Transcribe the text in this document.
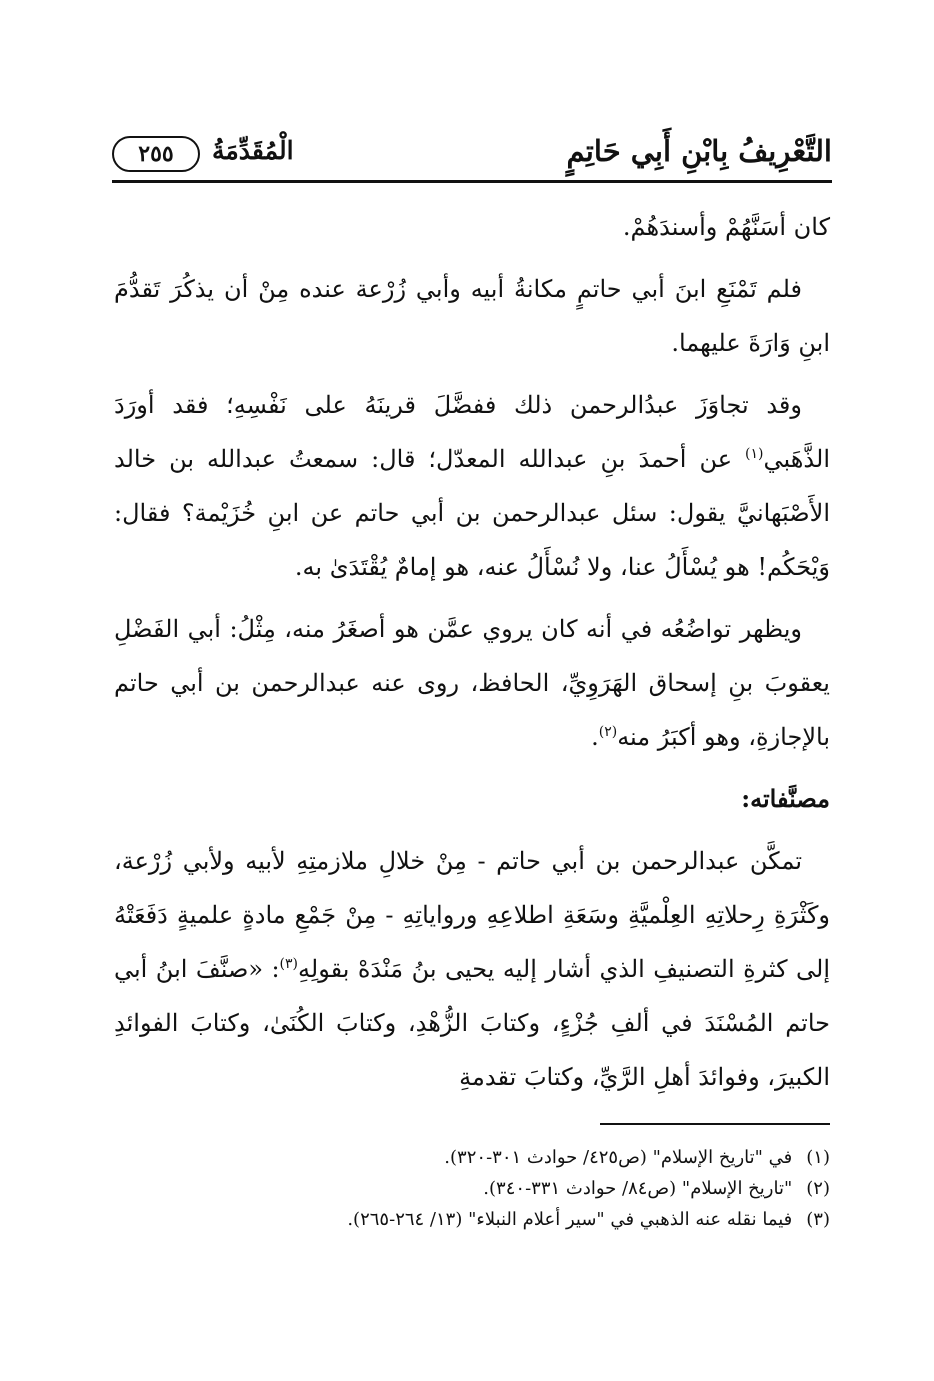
التَّعْرِيفُ بِابْنِ أَبِي حَاتِمٍ
الْمُقَدِّمَةُ
٢٥٥

كان أسَنَّهُمْ وأسندَهُمْ.

فلم تَمْنَعِ ابنَ أبي حاتمٍ مكانةُ أبيه وأبي زُرْعة عنده مِنْ أن يذكُرَ تَقدُّمَ ابنِ وَارَةَ عليهما.

وقد تجاوَزَ عبدُالرحمن ذلك ففضَّلَ قرينَهُ على نَفْسِهِ؛ فقد أورَدَ الذَّهَبي$^{(١)}$ عن أحمدَ بنِ عبدالله المعدّل؛ قال: سمعتُ عبدالله بن خالد الأَصْبَهانيَّ يقول: سئل عبدالرحمن بن أبي حاتم عن ابنِ خُزَيْمة؟ فقال: وَيْحَكُم! هو يُسْأَلُ عنا، ولا نُسْأَلُ عنه، هو إمامٌ يُقْتَدَىٰ به.

ويظهر تواضُعُه في أنه كان يروي عمَّن هو أصغَرُ منه، مِثْلُ: أبي الفَضْلِ يعقوبَ بنِ إسحاق الهَرَوِيِّ، الحافظ، روى عنه عبدالرحمن بن أبي حاتم بالإجازةِ، وهو أكبَرُ منه$^{(٢)}$.

مصنَّفاته:

تمكَّن عبدالرحمن بن أبي حاتم - مِنْ خلالِ ملازمتِهِ لأبيه ولأبي زُرْعة، وكَثْرَةِ رِحلاتِهِ العِلْميَّةِ وسَعَةِ اطلاعِهِ ورواياتِهِ - مِنْ جَمْعِ مادةٍ علميةٍ دَفَعَتْهُ إلى كثرةِ التصنيفِ الذي أشار إليه يحيى بنُ مَنْدَهْ بقولِهِ$^{(٣)}$: «صنَّفَ ابنُ أبي حاتم المُسْنَدَ في ألفِ جُزْءٍ، وكتابَ الزُّهْدِ، وكتابَ الكُنَىٰ، وكتابَ الفوائدِ الكبيرَ، وفوائدَ أهلِ الرَّيِّ، وكتابَ تقدمةِ

(١)في "تاريخ الإسلام" (ص٤٢٥/ حوادث ٣٠١-٣٢٠).

(٢)"تاريخ الإسلام" (ص٨٤/ حوادث ٣٣١-٣٤٠).

(٣)فيما نقله عنه الذهبي في "سير أعلام النبلاء" (١٣/ ٢٦٤-٢٦٥).
